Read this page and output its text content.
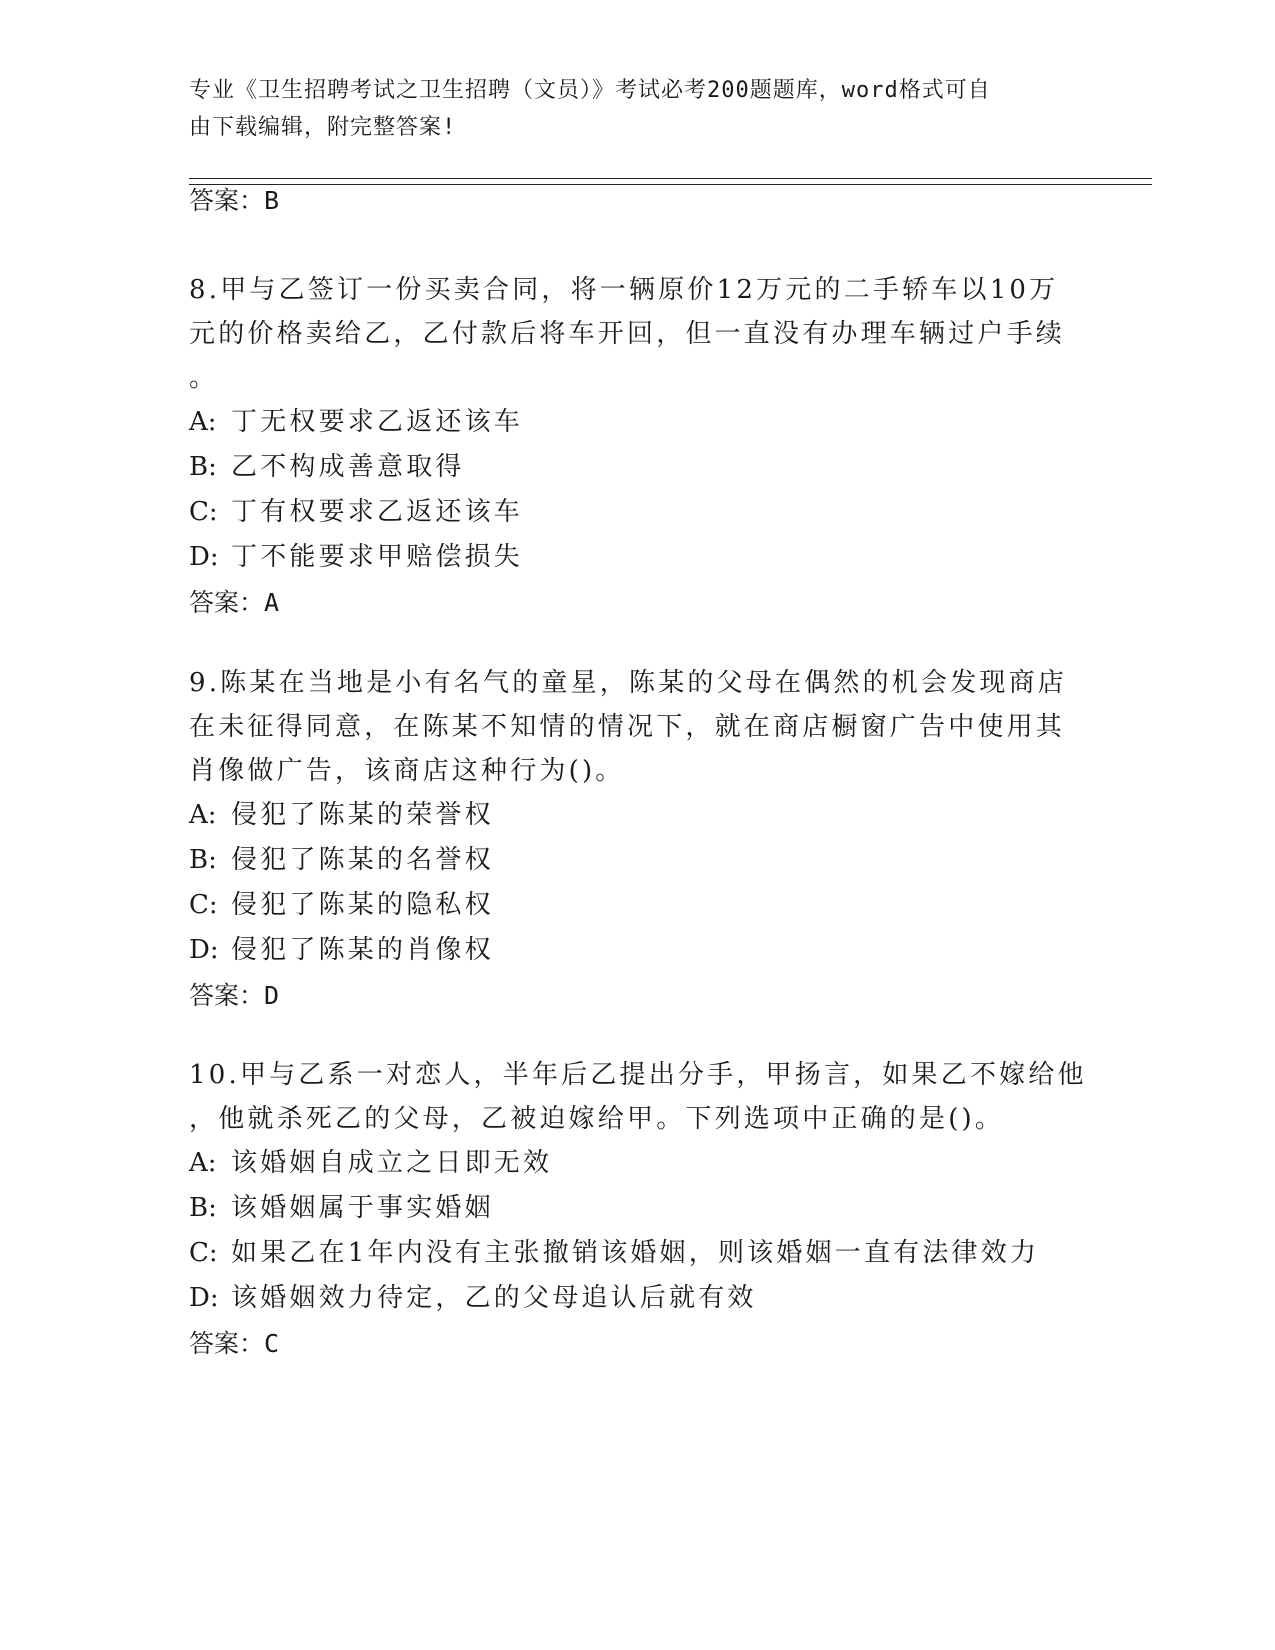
专业《卫生招聘考试之卫生招聘（文员）》考试必考200题题库，word格式可自
由下载编辑，附完整答案!
答案：B
8.甲与乙签订一份买卖合同，将一辆原价12万元的二手轿车以10万
元的价格卖给乙，乙付款后将车开回，但一直没有办理车辆过户手续
。
A: 丁无权要求乙返还该车
B: 乙不构成善意取得
C: 丁有权要求乙返还该车
D: 丁不能要求甲赔偿损失
答案：A
9.陈某在当地是小有名气的童星，陈某的父母在偶然的机会发现商店
在未征得同意，在陈某不知情的情况下，就在商店橱窗广告中使用其
肖像做广告，该商店这种行为()。
A: 侵犯了陈某的荣誉权
B: 侵犯了陈某的名誉权
C: 侵犯了陈某的隐私权
D: 侵犯了陈某的肖像权
答案：D
10.甲与乙系一对恋人，半年后乙提出分手，甲扬言，如果乙不嫁给他
，他就杀死乙的父母，乙被迫嫁给甲。下列选项中正确的是()。
A: 该婚姻自成立之日即无效
B: 该婚姻属于事实婚姻
C: 如果乙在1年内没有主张撤销该婚姻，则该婚姻一直有法律效力
D: 该婚姻效力待定，乙的父母追认后就有效
答案：C
